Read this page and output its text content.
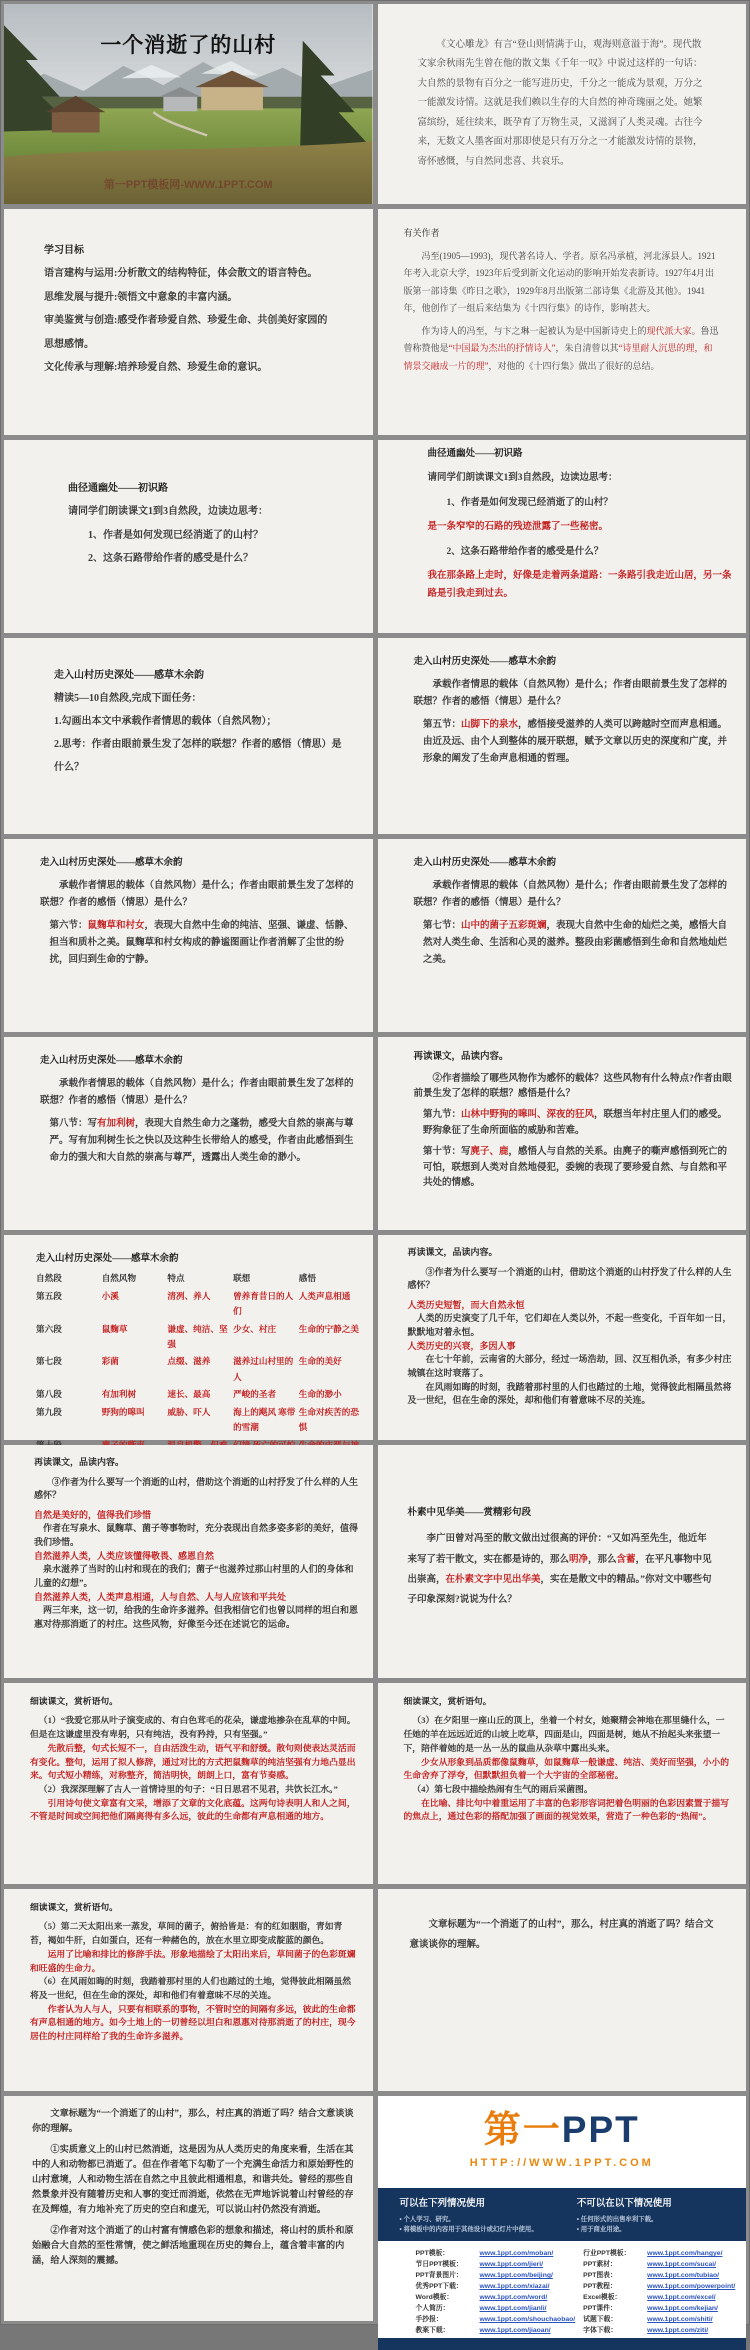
一个消逝了的山村
第一PPT模板网-WWW.1PPT.COM

《文心雕龙》有言“登山则情满于山，观海则意溢于海”。现代散文家余秋雨先生曾在他的散文集《千年一叹》中说过这样的一句话：大自然的景物有百分之一能写进历史，千分之一能成为景观，万分之一能激发诗情。这就是我们赖以生存的大自然的神奇瑰丽之处。她繁富缤纷，延往续来，既孕育了万物生灵，又滋润了人类灵魂。古往今来，无数文人墨客面对那即使是只有万分之一才能激发诗情的景物，寄怀感慨，与自然同悲喜、共哀乐。

学习目标

语言建构与运用:分析散文的结构特征，体会散文的语言特色。

思维发展与提升:领悟文中意象的丰富内涵。

审美鉴赏与创造:感受作者珍爱自然、珍爱生命、共创美好家园的思想感情。

文化传承与理解:培养珍爱自然、珍爱生命的意识。

有关作者

冯至(1905—1993)，现代著名诗人、学者。原名冯承植，河北涿县人。1921年考入北京大学，1923年后受到新文化运动的影响开始发表新诗。1927年4月出版第一部诗集《昨日之歌》，1929年8月出版第二部诗集《北游及其他》。1941年，他创作了一组后来结集为《十四行集》的诗作，影响甚大。

作为诗人的冯至，与卞之琳一起被认为是中国新诗史上的现代派大家。鲁迅曾称赞他是“中国最为杰出的抒情诗人”，朱自清曾以其“诗里耐人沉思的理，和情景交融成一片的理”，对他的《十四行集》做出了很好的总结。

曲径通幽处——初识路

请同学们朗读课文1到3自然段，边读边思考：

1、作者是如何发现已经消逝了的山村？

2、这条石路带给作者的感受是什么？

曲径通幽处——初识路

请同学们朗读课文1到3自然段，边读边思考：

1、作者是如何发现已经消逝了的山村？

是一条窄窄的石路的残迹泄露了一些秘密。

2、这条石路带给作者的感受是什么？

我在那条路上走时，好像是走着两条道路：一条路引我走近山居，另一条路是引我走到过去。

走入山村历史深处——感草木余韵

精读5—10自然段,完成下面任务：

1.勾画出本文中承载作者情思的载体（自然风物）；

2.思考：作者由眼前景生发了怎样的联想？作者的感悟（情思）是什么？

走入山村历史深处——感草木余韵

承载作者情思的载体（自然风物）是什么；作者由眼前景生发了怎样的联想？作者的感悟（情思）是什么？

第五节：山脚下的泉水，感悟接受滋养的人类可以跨越时空而声息相通。由近及远、由个人到整体的展开联想，赋予文章以历史的深度和广度，并形象的阐发了生命声息相通的哲理。

走入山村历史深处——感草木余韵

承载作者情思的载体（自然风物）是什么；作者由眼前景生发了怎样的联想？作者的感悟（情思）是什么？

第六节：鼠麴草和村女，表现大自然中生命的纯洁、坚强、谦虚、恬静、担当和质朴之美。鼠麴草和村女构成的静谧图画让作者消解了尘世的纷扰，回归到生命的宁静。

走入山村历史深处——感草木余韵

承载作者情思的载体（自然风物）是什么；作者由眼前景生发了怎样的联想？作者的感悟（情思）是什么？

第七节：山中的菌子五彩斑斓，表现大自然中生命的灿烂之美，感悟大自然对人类生命、生活和心灵的滋养。整段由彩菌感悟到生命和自然地灿烂之美。

走入山村历史深处——感草木余韵

承载作者情思的载体（自然风物）是什么；作者由眼前景生发了怎样的联想？作者的感悟（情思）是什么？

第八节：写有加利树，表现大自然生命力之蓬勃，感受大自然的崇高与尊严。写有加利树生长之快以及这种生长带给人的感受，作者由此感悟到生命力的强大和大自然的崇高与尊严，透露出人类生命的渺小。

再读课文，品读内容。

②作者描绘了哪些风物作为感怀的载体？这些风物有什么特点?作者由眼前景生发了怎样的联想？感悟是什么？

第九节：山林中野狗的嗥叫、深夜的狂风，联想当年村庄里人们的感受。野狗象征了生命所面临的威胁和苦难。

第十节：写麂子、鹿，感悟人与自然的关系。由麂子的嘶声感悟到死亡的可怕，联想到人类对自然地侵犯，委婉的表现了要珍爱自然、与自然和平共处的情感。

走入山村历史深处——感草木余韵

自然段	自然风物	特点	联想	感悟
第五段	小溪	清冽、养人	曾养育昔日的人们	人类声息相通
第六段	鼠麴草	谦虚、纯洁、坚强	少女、村庄	生命的宁静之美
第七段	彩菌	点缀、滋养	滋养过山村里的人	生命的美好
第八段	有加利树	速长、最高	严峻的圣者	生命的渺小
第九段	野狗的嗥叫	威胁、吓人	海上的飓风 寒带的雪潮	生命对疾苦的恐惧

再读课文，品读内容。

③作者为什么要写一个消逝的山村，借助这个消逝的山村抒发了什么样的人生感怀？

人类历史短暂，而大自然永恒

人类的历史演变了几千年，它们却在人类以外，不起一些变化，千百年如一日，默默地对着永恒。

人类历史的兴衰，多因人事

在七十年前，云南省的大部分，经过一场浩劫，回、汉互相仇杀，有多少村庄城镇在这时衰落了。

在风雨如晦的时刻，我踏着那村里的人们也踏过的土地，觉得彼此相隔虽然将及一世纪，但在生命的深处，却和他们有着意味不尽的关连。

再读课文，品读内容。

③作者为什么要写一个消逝的山村，借助这个消逝的山村抒发了什么样的人生感怀？

自然是美好的，值得我们珍惜

作者在写泉水、鼠麴草、菌子等事物时，充分表现出自然多姿多彩的美好，值得我们珍惜。

自然滋养人类，人类应该懂得敬畏、感恩自然

泉水滋养了当时的山村和现在的我们；菌子“也滋养过那山村里的人们的身体和儿童的幻想”。

自然滋养人类，人类声息相通，人与自然、人与人应该和平共处

两三年来，这一切，给我的生命许多滋养。但我相信它们也曾以同样的坦白和恩惠对待那消逝了的村庄。这些风物，好像至今还在述说它的运命。

朴素中见华美——赏精彩句段

李广田曾对冯至的散文做出过很高的评价：“又如冯至先生，他近年来写了若干散文，实在都是诗的，那么明净，那么含蓄，在平凡事物中见出崇高，在朴素文字中见出华美，实在是散文中的精品。”你对文中哪些句子印象深刻?说说为什么？

细读课文，赏析语句。

（1）“我爱它那从叶子演变成的、有白色茸毛的花朵，谦虚地掺杂在乱草的中间。但是在这谦虚里没有卑躬，只有纯洁，没有矜持，只有坚强。”

先散后整，句式长短不一，自由活泼生动，语气平和舒缓。散句则使表达灵活而有变化。整句，运用了拟人修辞，通过对比的方式把鼠麴草的纯洁坚强有力地凸显出来。句式短小精练，对称整齐，简洁明快，朗朗上口，富有节奏感。

（2）我深深理解了古人一首情诗里的句子：“日日思君不见君，共饮长江水。”

引用诗句使文章富有文采，增添了文章的文化底蕴。这两句诗表明人和人之间，不管是时间或空间把他们隔离得有多么远，彼此的生命都有声息相通的地方。

细读课文，赏析语句。

（3）在夕阳里一座山丘的顶上，坐着一个村女，她聚精会神地在那里缝什么，一任她的羊在远远近近的山坡上吃草，四面是山，四面是树，她从不抬起头来张望一下，陪伴着她的是一丛一丛的鼠曲从杂草中露出头来。

少女从形象到品质都像鼠麴草，如鼠麴草一般谦虚、纯洁、美好而坚强，小小的生命舍弃了浮夸，但默默担负着一个大宇宙的全部秘密。

（4）第七段中描绘热闹有生气的雨后采菌图。

在比喻、排比句中着重运用了丰富的色彩形容词把着色明丽的色彩因素置于描写的焦点上，通过色彩的搭配加强了画面的视觉效果，营造了一种色彩的“热闹”。

细读课文，赏析语句。

（5）第二天太阳出来一蒸发，草间的菌子，俯拾皆是：有的红如胭脂，青如青苔，褐如牛肝，白如蛋白，还有一种赭色的，放在水里立即变成靛蓝的颜色。

运用了比喻和排比的修辞手法。形象地描绘了太阳出来后，草间菌子的色彩斑斓和旺盛的生命力。

（6）在风雨如晦的时刻，我踏着那村里的人们也踏过的土地，觉得彼此相隔虽然将及一世纪，但在生命的深处，却和他们有着意味不尽的关连。

作者认为人与人，只要有相联系的事物，不管时空的间隔有多远，彼此的生命都有声息相通的地方。如今土地上的一切曾经以坦白和恩惠对待那消逝了的村庄，现今居住的村庄同样给了我的生命许多滋养。

文章标题为“一个消逝了的山村”，那么，村庄真的消逝了吗？结合文意谈谈你的理解。

文章标题为“一个消逝了的山村”，那么，村庄真的消逝了吗？结合文意谈谈你的理解。

①实质意义上的山村已然消逝，这是因为从人类历史的角度来看，生活在其中的人和动物都已消逝了。但在作者笔下勾勒了一个充满生命活力和原始野性的山村意境，人和动物生活在自然之中且彼此相通相息，和谐共处。曾经的那些自然景象并没有随着历史和人事的变迁而消逝，依然在无声地诉说着山村曾经的存在及辉煌，有力地补充了历史的空白和虚无，可以说山村仍然没有消逝。

②作者对这个消逝了的山村富有情感色彩的想象和描述，将山村的质朴和原始融合大自然的至性常情，使之鲜活地重现在历史的舞台上，蕴含着丰富的内涵，给人深刻的震撼。

第一PPT
HTTP://WWW.1PPT.COM
可以在下列情况使用
• 个人学习、研究。
• 将模板中的内容用于其他设计或幻灯片中使用。
不可以在以下情况使用
• 任何形式的出售牟利下载。
• 用于商业用途。
PPT模板：	www.1ppt.com/moban/
节日PPT模板：	www.1ppt.com/jieri/
PPT背景图片：	www.1ppt.com/beijing/
优秀PPT下载：	www.1ppt.com/xiazai/
Word模板：	www.1ppt.com/word/
个人简历：	www.1ppt.com/jianli/
手抄报：	www.1ppt.com/shouchaobao/
教案下载：	www.1ppt.com/jiaoan/
行业PPT模板：	www.1ppt.com/hangye/
PPT素材：	www.1ppt.com/sucai/
PPT图表：	www.1ppt.com/tubiao/
PPT教程：	www.1ppt.com/powerpoint/
Excel模板：	www.1ppt.com/excel/
PPT课件：	www.1ppt.com/kejian/
试题下载：	www.1ppt.com/shiti/
字体下载：	www.1ppt.com/ziti/
